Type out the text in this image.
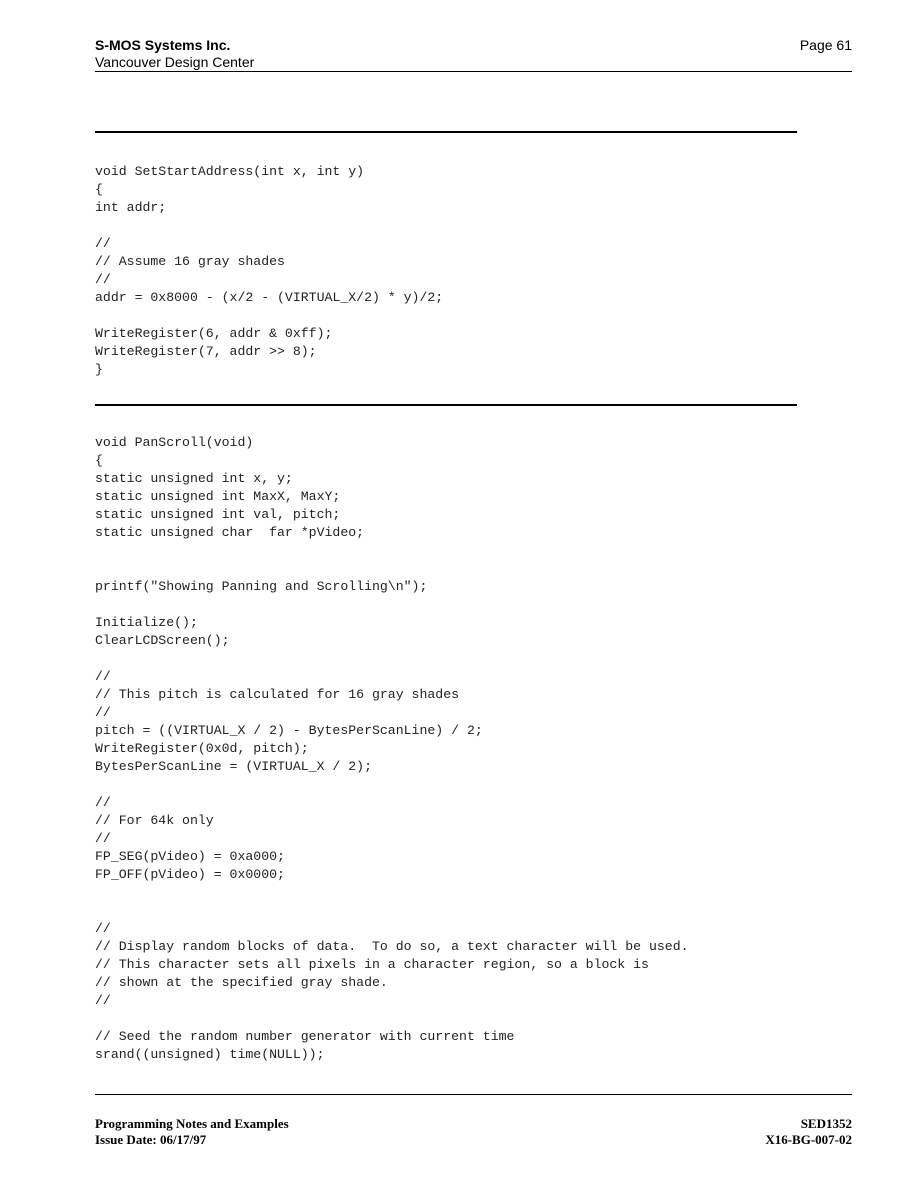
S-MOS Systems Inc.
Vancouver Design Center
Page 61
void SetStartAddress(int x, int y)
{
int addr;

//
// Assume 16 gray shades
//
addr = 0x8000 - (x/2 - (VIRTUAL_X/2) * y)/2;

WriteRegister(6, addr & 0xff);
WriteRegister(7, addr >> 8);
}
void PanScroll(void)
{
static unsigned int x, y;
static unsigned int MaxX, MaxY;
static unsigned int val, pitch;
static unsigned char  far *pVideo;

printf("Showing Panning and Scrolling\n");

Initialize();
ClearLCDScreen();

//
// This pitch is calculated for 16 gray shades
//
pitch = ((VIRTUAL_X / 2) - BytesPerScanLine) / 2;
WriteRegister(0x0d, pitch);
BytesPerScanLine = (VIRTUAL_X / 2);

//
// For 64k only
//
FP_SEG(pVideo) = 0xa000;
FP_OFF(pVideo) = 0x0000;

//
// Display random blocks of data.  To do so, a text character will be used.
// This character sets all pixels in a character region, so a block is
// shown at the specified gray shade.
//

// Seed the random number generator with current time
srand((unsigned) time(NULL));
Programming Notes and Examples
Issue Date: 06/17/97
SED1352
X16-BG-007-02
